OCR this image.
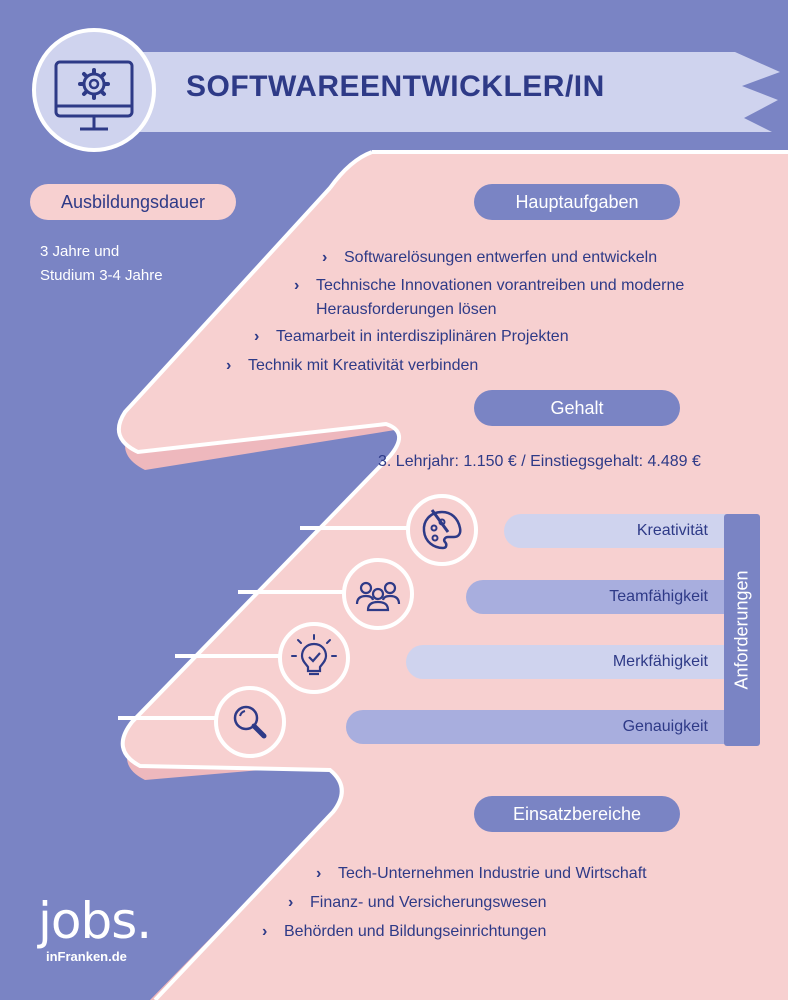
SOFTWAREENTWICKLER/IN
Ausbildungsdauer
3 Jahre und
Studium 3-4 Jahre
Hauptaufgaben
› Softwarelösungen entwerfen und entwickeln
› Technische Innovationen vorantreiben und moderne
Herausforderungen lösen
› Teamarbeit in interdisziplinären Projekten
› Technik mit Kreativität verbinden
Gehalt
3. Lehrjahr: 1.150 € / Einstiegsgehalt: 4.489 €
Kreativität
Teamfähigkeit
Merkfähigkeit
Genauigkeit
Anforderungen
Einsatzbereiche
› Tech-Unternehmen Industrie und Wirtschaft
› Finanz- und Versicherungswesen
› Behörden und Bildungseinrichtungen
jobs.
inFranken.de
